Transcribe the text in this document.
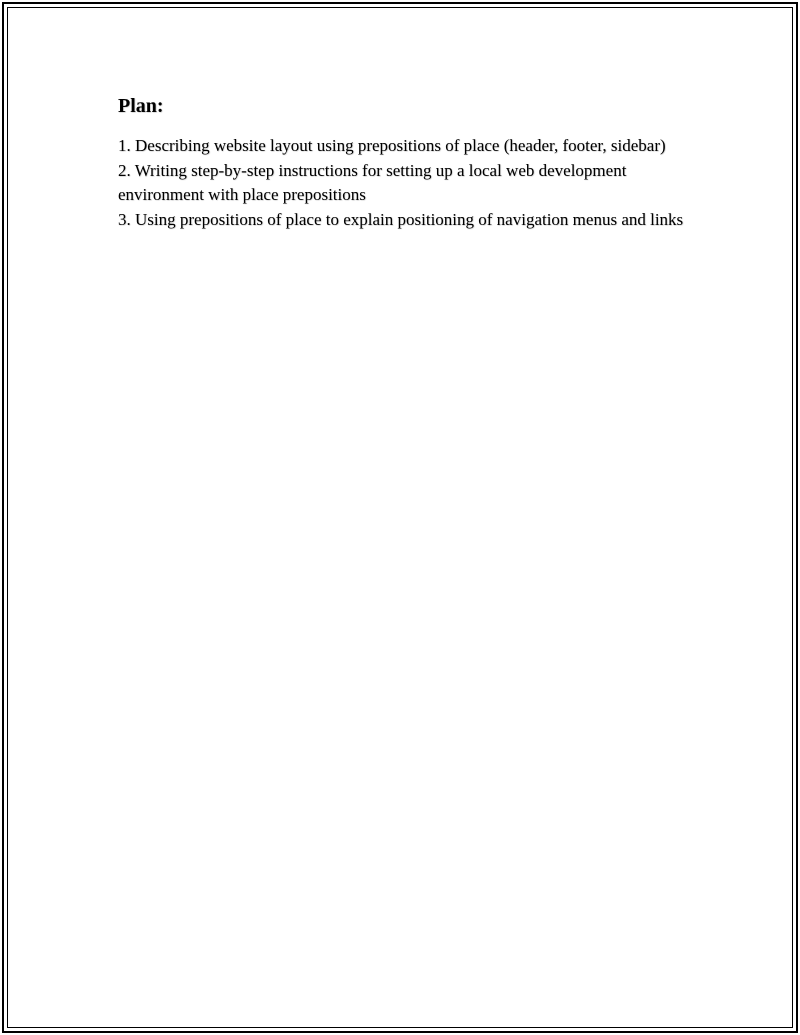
Plan:

1. Describing website layout using prepositions of place (header, footer, sidebar)

2. Writing step-by-step instructions for setting up a local web development environment with place prepositions

3. Using prepositions of place to explain positioning of navigation menus and links
